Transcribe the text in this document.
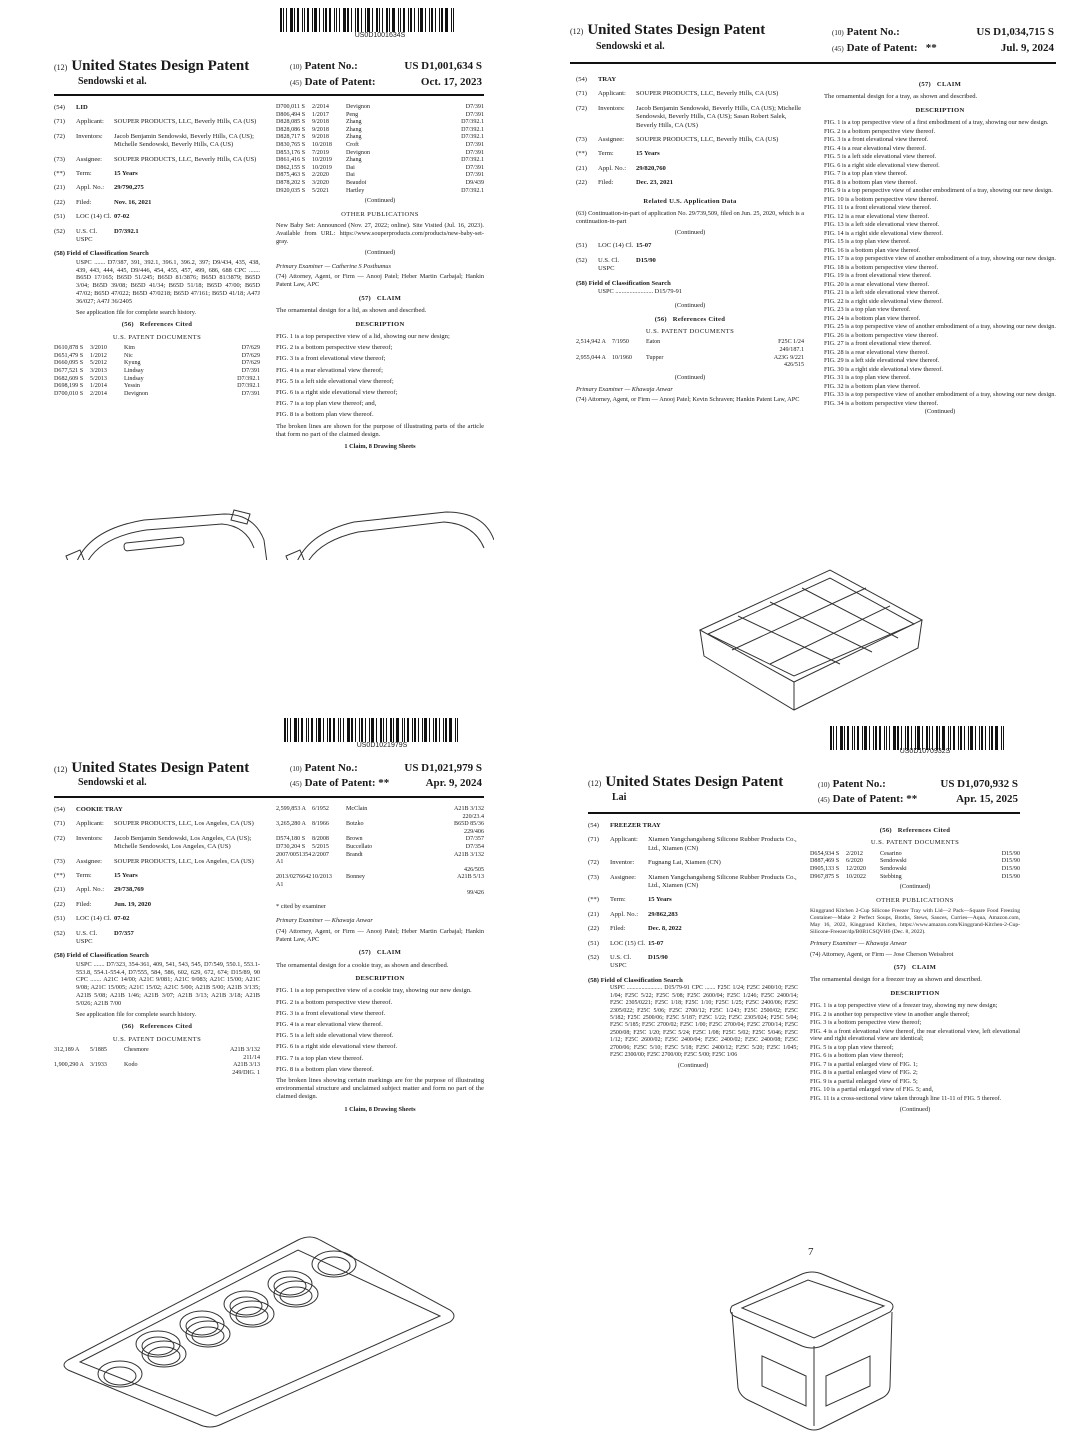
US0D1001634S
(12) United States Design Patent
Sendowski et al.
(10) Patent No.:	US D1,001,634 S
(45) Date of Patent:	Oct. 17, 2023
(54)	LID
(71)	Applicant:	SOUPER PRODUCTS, LLC, Beverly Hills, CA (US)
(72)	Inventors:	Jacob Benjamin Sendowski, Beverly Hills, CA (US); Michelle Sendowski, Beverly Hills, CA (US)
(73)	Assignee:	SOUPER PRODUCTS, LLC, Beverly Hills, CA (US)
(**)	Term:	15 Years
(21)	Appl. No.:	29/790,275
(22)	Filed:	Nov. 16, 2021
(51)	LOC (14) Cl. 07-02
(52)	U.S. Cl. USPC
D7/392.1
(58) Field of Classification Search
USPC ....... D7/387, 391, 392.1, 396.1, 396.2, 397; D9/434, 435, 438, 439, 443, 444, 445, D9/446, 454, 455, 457, 499, 686, 688 CPC ....... B65D 17/165; B65D 51/245; B65D 81/3876; B65D 81/3879; B65D 3/04; B65D 39/08; B65D 41/34; B65D 51/18; B65D 47/00; B65D 47/02; B65D 47/022; B65D 47/0218; B65D 47/161; B65D 41/18; A47J 36/027; A47J 36/2405
See application file for complete search history.
(56) References Cited
U.S. PATENT DOCUMENTS
D610,878 S	3/2010	Kim	D7/629
D651,479 S	1/2012	Nic	D7/629
D660,095 S	5/2012	Kyung	D7/629
D677,521 S	3/2013	Lindsay	D7/391
D682,609 S	5/2013	Lindsay	D7/392.1
D698,199 S	1/2014	Yessin	D7/392.1
D700,010 S	2/2014	Devignon	D7/391
D700,011 S	2/2014	Devignon	D7/391
D806,494 S	1/2017	Peng	D7/391
D828,085 S	9/2018	Zhang	D7/392.1
D828,086 S	9/2018	Zhang	D7/392.1
D828,717 S	9/2018	Zhang	D7/392.1
D830,765 S	10/2018	Croft	D7/391
D853,176 S	7/2019	Devignon	D7/391
D861,416 S	10/2019	Zhang	D7/392.1
D862,155 S	10/2019	Dai	D7/391
D875,463 S	2/2020	Dai	D7/391
D878,202 S	3/2020	Beaudoi	D9/439
D920,035 S	5/2021	Hartley	D7/392.1
(Continued)
OTHER PUBLICATIONS
New Baby Set: Announced (Nov. 27, 2022; online). Site Visited (Jul. 16, 2023). Available from URL: https://www.souperproducts.com/products/new-baby-set-gray.
(Continued)
Primary Examiner — Catherine S Posthumus
(74) Attorney, Agent, or Firm — Anooj Patel; Heber Martin Carbajal; Hankin Patent Law, APC
(57) CLAIM
The ornamental design for a lid, as shown and described.
DESCRIPTION
FIG. 1 is a top perspective view of a lid, showing our new design;
FIG. 2 is a bottom perspective view thereof;
FIG. 3 is a front elevational view thereof;
FIG. 4 is a rear elevational view thereof;
FIG. 5 is a left side elevational view thereof;
FIG. 6 is a right side elevational view thereof;
FIG. 7 is a top plan view thereof; and,
FIG. 8 is a bottom plan view thereof.
The broken lines are shown for the purpose of illustrating parts of the article that form no part of the claimed design.
1 Claim, 8 Drawing Sheets
(12) United States Design Patent
Sendowski et al.
(10) Patent No.:	US D1,034,715 S
(45) Date of Patent: **	Jul. 9, 2024
(54)	TRAY
(71)	Applicant:	SOUPER PRODUCTS, LLC, Beverly Hills, CA (US)
(72)	Inventors:	Jacob Benjamin Sendowski, Beverly Hills, CA (US); Michelle Sendowski, Beverly Hills, CA (US); Sasan Robert Salek, Beverly Hills, CA (US)
(73)	Assignee:	SOUPER PRODUCTS, LLC, Beverly Hills, CA (US)
(**)	Term:	15 Years
(21)	Appl. No.:	29/820,760
(22)	Filed:	Dec. 23, 2021
Related U.S. Application Data
(63) Continuation-in-part of application No. 29/739,509, filed on Jun. 25, 2020, which is a continuation-in-part
(Continued)
(51)	LOC (14) Cl. 15-07
(52)	U.S. Cl. USPC
D15/90
(58) Field of Classification Search
USPC ........................ D15/79-91
(Continued)
(56) References Cited
U.S. PATENT DOCUMENTS
2,514,942 A 7/1950	Eaton	F25C 1/24
249/187.1
2,955,044 A 10/1960	Tupper	A23G 9/221
426/515
(Continued)
Primary Examiner — Khawaja Anwar
(74) Attorney, Agent, or Firm — Anooj Patel; Kevin Schraven; Hankin Patent Law, APC
(57) CLAIM
The ornamental design for a tray, as shown and described.
DESCRIPTION
FIG. 1 is a top perspective view of a first embodiment of a tray, showing our new design.
FIG. 2 is a bottom perspective view thereof.
FIG. 3 is a front elevational view thereof.
FIG. 4 is a rear elevational view thereof.
FIG. 5 is a left side elevational view thereof.
FIG. 6 is a right side elevational view thereof.
FIG. 7 is a top plan view thereof.
FIG. 8 is a bottom plan view thereof.
FIG. 9 is a top perspective view of another embodiment of a tray, showing our new design.
FIG. 10 is a bottom perspective view thereof.
FIG. 11 is a front elevational view thereof.
FIG. 12 is a rear elevational view thereof.
FIG. 13 is a left side elevational view thereof.
FIG. 14 is a right side elevational view thereof.
FIG. 15 is a top plan view thereof.
FIG. 16 is a bottom plan view thereof.
FIG. 17 is a top perspective view of another embodiment of a tray, showing our new design.
FIG. 18 is a bottom perspective view thereof.
FIG. 19 is a front elevational view thereof.
FIG. 20 is a rear elevational view thereof.
FIG. 21 is a left side elevational view thereof.
FIG. 22 is a right side elevational view thereof.
FIG. 23 is a top plan view thereof.
FIG. 24 is a bottom plan view thereof.
FIG. 25 is a top perspective view of another embodiment of a tray, showing our new design.
FIG. 26 is a bottom perspective view thereof.
FIG. 27 is a front elevational view thereof.
FIG. 28 is a rear elevational view thereof.
FIG. 29 is a left side elevational view thereof.
FIG. 30 is a right side elevational view thereof.
FIG. 31 is a top plan view thereof.
FIG. 32 is a bottom plan view thereof.
FIG. 33 is a top perspective view of another embodiment of a tray, showing our new design.
FIG. 34 is a bottom perspective view thereof.
(Continued)
US0D1021979S
(12) United States Design Patent
Sendowski et al.
(10) Patent No.:	US D1,021,979 S
(45) Date of Patent: **	Apr. 9, 2024
(54)	COOKIE TRAY
(71)	Applicant:	SOUPER PRODUCTS, LLC, Los Angeles, CA (US)
(72)	Inventors:	Jacob Benjamin Sendowski, Los Angeles, CA (US); Michelle Sendowski, Los Angeles, CA (US)
(73)	Assignee:	SOUPER PRODUCTS, LLC, Los Angeles, CA (US)
(**)	Term:	15 Years
(21)	Appl. No.:	29/738,769
(22)	Filed:	Jun. 19, 2020
(51)	LOC (14) Cl. 07-02
(52)	U.S. Cl. USPC
D7/357
(58) Field of Classification Search
USPC ....... D7/323, 354-361, 409, 541, 543, 545, D7/549, 550.1, 553.1-553.8, 554.1-554.4, D7/555, 584, 586, 602, 629, 672, 674; D15/89, 90 CPC ....... A21C 14/00; A21C 9/081; A21C 9/083; A21C 15/00; A21C 9/08; A21C 15/005; A21C 15/02; A21C 5/00; A21B 5/00; A21B 3/135; A21B 5/08; A21B 1/46; A21B 3/07; A21B 3/13; A21B 3/18; A21B 5/026; A21B 7/00
See application file for complete search history.
(56) References Cited
U.S. PATENT DOCUMENTS
312,189 A	5/1885	Chesmore	A21B 3/132
211/14
1,900,290 A 3/1933	Kodo	A21B 3/13
249/DIG. 1
2,599,853 A 6/1952	McClain	A21B 3/132
220/23.4
3,265,280 A 8/1966	Botzko	B65D 85/36
229/406
D574,180 S	8/2008	Brown	D7/357
D730,204 S	5/2015	Buccellato	D7/354
2007/0051354 A1
2/2007	Brandt	A21B 3/132
426/505
2013/0276642 A1
10/2013	Bonney	A21B 5/13
99/426
* cited by examiner
Primary Examiner — Khawaja Anwar
(74) Attorney, Agent, or Firm — Anooj Patel; Heber Martin Carbajal; Hankin Patent Law, APC
(57) CLAIM
The ornamental design for a cookie tray, as shown and described.
DESCRIPTION
FIG. 1 is a top perspective view of a cookie tray, showing our new design.
FIG. 2 is a bottom perspective view thereof.
FIG. 3 is a front elevational view thereof.
FIG. 4 is a rear elevational view thereof.
FIG. 5 is a left side elevational view thereof.
FIG. 6 is a right side elevational view thereof.
FIG. 7 is a top plan view thereof.
FIG. 8 is a bottom plan view thereof.
The broken lines showing certain markings are for the purpose of illustrating environmental structure and unclaimed subject matter and form no part of the claimed design.
1 Claim, 8 Drawing Sheets
US0D1070932S
(12) United States Design Patent
Lai
(10) Patent No.:	US D1,070,932 S
(45) Date of Patent: **	Apr. 15, 2025
(54)	FREEZER TRAY
(71)	Applicant:	Xiamen Yangchangsheng Silicone Rubber Products Co., Ltd., Xiamen (CN)
(72)	Inventor:	Fugnang Lai, Xiamen (CN)
(73)	Assignee:	Xiamen Yangchangsheng Silicone Rubber Products Co., Ltd., Xiamen (CN)
(**)	Term:	15 Years
(21)	Appl. No.:	29/862,283
(22)	Filed:	Dec. 8, 2022
(51)	LOC (15) Cl. 15-07
(52)	U.S. Cl. USPC
D15/90
(58) Field of Classification Search
USPC ........................ D15/79-91 CPC ....... F25C 1/24; F25C 2400/10; F25C 1/04; F25C 5/22; F25C 5/08; F25C 2600/04; F25C 1/246; F25C 2400/14; F25C 2305/0221; F25C 1/18; F25C 1/10; F25C 1/25; F25C 2400/06; F25C 2305/022; F25C 5/06; F25C 2700/12; F25C 1/243; F25C 2500/02; F25C 5/182; F25C 2500/06; F25C 5/187; F25C 1/22; F25C 2305/024; F25C 5/04; F25C 5/185; F25C 2700/02; F25C 1/00; F25C 2700/04; F25C 2700/14; F25C 2500/08; F25C 1/20; F25C 5/24; F25C 1/08; F25C 5/02; F25C 5/046; F25C 1/12; F25C 2600/02; F25C 2400/04; F25C 2400/02; F25C 2400/08; F25C 2700/06; F25C 5/10; F25C 5/18; F25C 2400/12; F25C 5/20; F25C 1/045; F25C 2300/00; F25C 2700/00; F25C 5/00; F25C 1/06
(Continued)
(56) References Cited
U.S. PATENT DOCUMENTS
D654,934 S	2/2012	Cesarino	D15/90
D887,469 S	6/2020	Sendowski	D15/90
D905,133 S	12/2020	Sendowski	D15/90
D967,875 S	10/2022	Stebbing	D15/90
(Continued)
OTHER PUBLICATIONS
Kinggrand Kitchen 2-Cup Silicone Freezer Tray with Lid—2 Pack—Square Food Freezing Container—Make 2 Perfect Soups, Broths, Stews, Sauces, Curries—Aqua, Amazon.com, May 16, 2022, Kinggrand Kitchen, https://www.amazon.com/Kinggrand-Kitchen-2-Cup-Silicone-Freezer/dp/B0B1CSQVH6 (Dec. 8, 2022).
Primary Examiner — Khawaja Anwar
(74) Attorney, Agent, or Firm — Jose Cherson Weissbrot
(57) CLAIM
The ornamental design for a freezer tray as shown and described.
DESCRIPTION
FIG. 1 is a top perspective view of a freezer tray, showing my new design;
FIG. 2 is another top perspective view in another angle thereof;
FIG. 3 is a bottom perspective view thereof;
FIG. 4 is a front elevational view thereof, the rear elevational view, left elevational view and right elevational view are identical;
FIG. 5 is a top plan view thereof;
FIG. 6 is a bottom plan view thereof;
FIG. 7 is a partial enlarged view of FIG. 1;
FIG. 8 is a partial enlarged view of FIG. 2;
FIG. 9 is a partial enlarged view of FIG. 5;
FIG. 10 is a partial enlarged view of FIG. 5; and,
FIG. 11 is a cross-sectional view taken through line 11-11 of FIG. 5 thereof.
(Continued)
7
